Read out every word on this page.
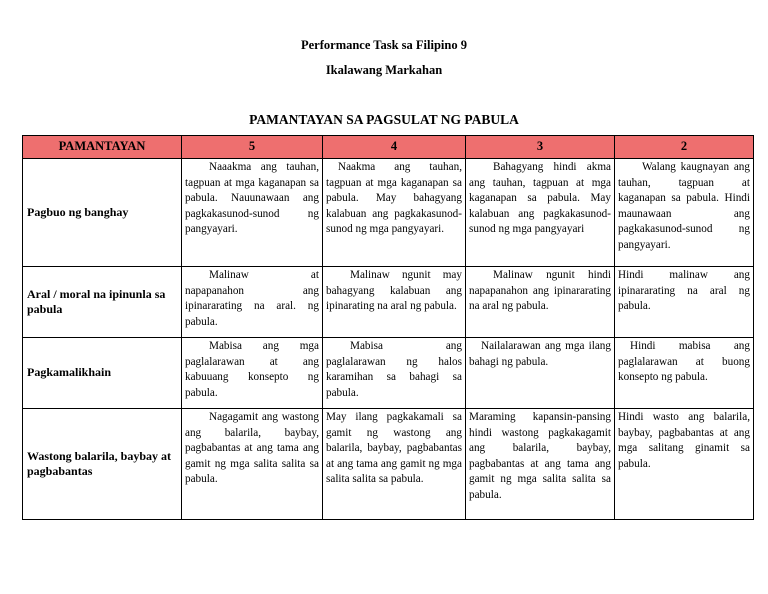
Performance Task sa Filipino 9
Ikalawang Markahan
PAMANTAYAN SA PAGSULAT NG PABULA
PAMANTAYAN	5	4	3	2
Pagbuo ng banghay	Naaakma ang tauhan, tagpuan at mga kaganapan sa pabula. Nauunawaan ang pagkakasunod-sunod ng pangyayari.	Naakma ang tauhan, tagpuan at mga kaganapan sa pabula. May bahagyang kalabuan ang pagkakasunod-sunod ng mga pangyayari.	Bahagyang hindi akma ang tauhan, tagpuan at mga kaganapan sa pabula. May kalabuan ang pagkakasunod-sunod ng mga pangyayari	Walang kaugnayan ang tauhan, tagpuan at kaganapan sa pabula. Hindi maunawaan ang pagkakasunod-sunod ng pangyayari.

Aral / moral na ipinunla sa pabula	Malinaw at napapanahon ang ipinararating na aral. ng pabula.	Malinaw ngunit may bahagyang kalabuan ang ipinarating na aral ng pabula.	Malinaw ngunit hindi napapanahon ang ipinararating na aral ng pabula.	Hindi malinaw ang ipinararating na aral ng pabula.

Pagkamalikhain	Mabisa ang mga paglalarawan at ang kabuuang konsepto ng pabula.	Mabisa ang paglalarawan ng halos karamihan sa bahagi sa pabula.	Nailalarawan ang mga ilang bahagi ng pabula.	Hindi mabisa ang paglalarawan at buong konsepto ng pabula.

Wastong balarila, baybay at pagbabantas	Nagagamit ang wastong ang balarila, baybay, pagbabantas at ang tama ang gamit ng mga salita salita sa pabula.	May ilang pagkakamali sa gamit ng wastong ang balarila, baybay, pagbabantas at ang tama ang gamit ng mga salita salita sa pabula.	Maraming kapansin-pansing hindi wastong pagkakagamit ang balarila, baybay, pagbabantas at ang tama ang gamit ng mga salita salita sa pabula.	Hindi wasto ang balarila, baybay, pagbabantas at ang mga salitang ginamit sa pabula.
